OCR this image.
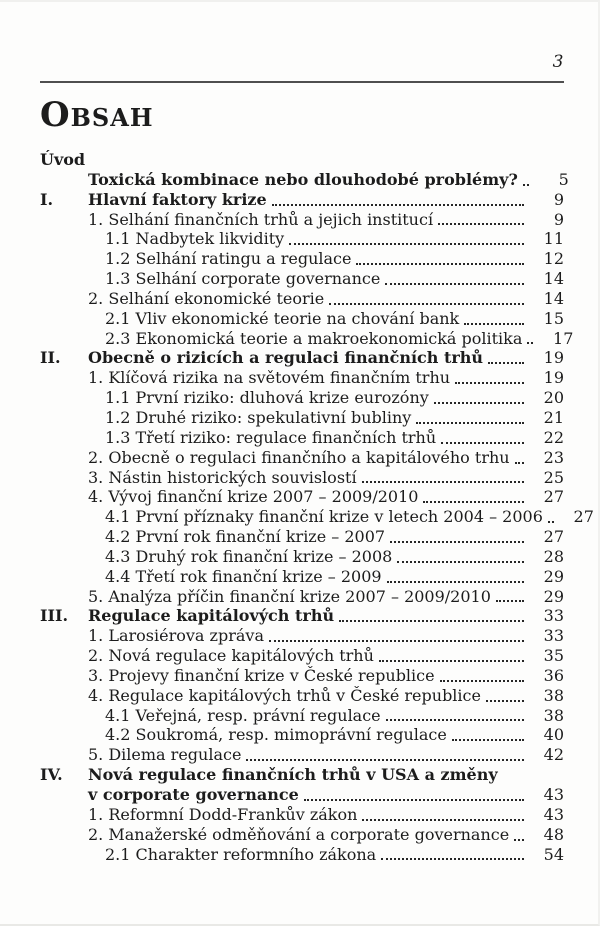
3
Obsah
Úvod
Toxická kombinace nebo dlouhodobé problémy?	5
I.	Hlavní faktory krize	9
1. Selhání finančních trhů a jejich institucí	9
1.1 Nadbytek likvidity	11
1.2 Selhání ratingu a regulace	12
1.3 Selhání corporate governance	14
2. Selhání ekonomické teorie	14
2.1 Vliv ekonomické teorie na chování bank	15
2.3 Ekonomická teorie a makroekonomická politika	17
II.	Obecně o rizicích a regulaci finančních trhů	19
1. Klíčová rizika na světovém finančním trhu	19
1.1 První riziko: dluhová krize eurozóny	20
1.2 Druhé riziko: spekulativní bubliny	21
1.3 Třetí riziko: regulace finančních trhů	22
2. Obecně o regulaci finančního a kapitálového trhu	23
3. Nástin historických souvislostí	25
4. Vývoj finanční krize 2007 – 2009/2010	27
4.1 První příznaky finanční krize v letech 2004 – 2006	27
4.2 První rok finanční krize – 2007	27
4.3 Druhý rok finanční krize – 2008	28
4.4 Třetí rok finanční krize – 2009	29
5. Analýza příčin finanční krize 2007 – 2009/2010	29
III.	Regulace kapitálových trhů	33
1. Larosiérova zpráva	33
2. Nová regulace kapitálových trhů	35
3. Projevy finanční krize v České republice	36
4. Regulace kapitálových trhů v České republice	38
4.1 Veřejná, resp. právní regulace	38
4.2 Soukromá, resp. mimoprávní regulace	40
5. Dilema regulace	42
IV.	Nová regulace finančních trhů v USA a změny
v corporate governance	43
1. Reformní Dodd-Frankův zákon	43
2. Manažerské odměňování a corporate governance	48
2.1 Charakter reformního zákona	54
